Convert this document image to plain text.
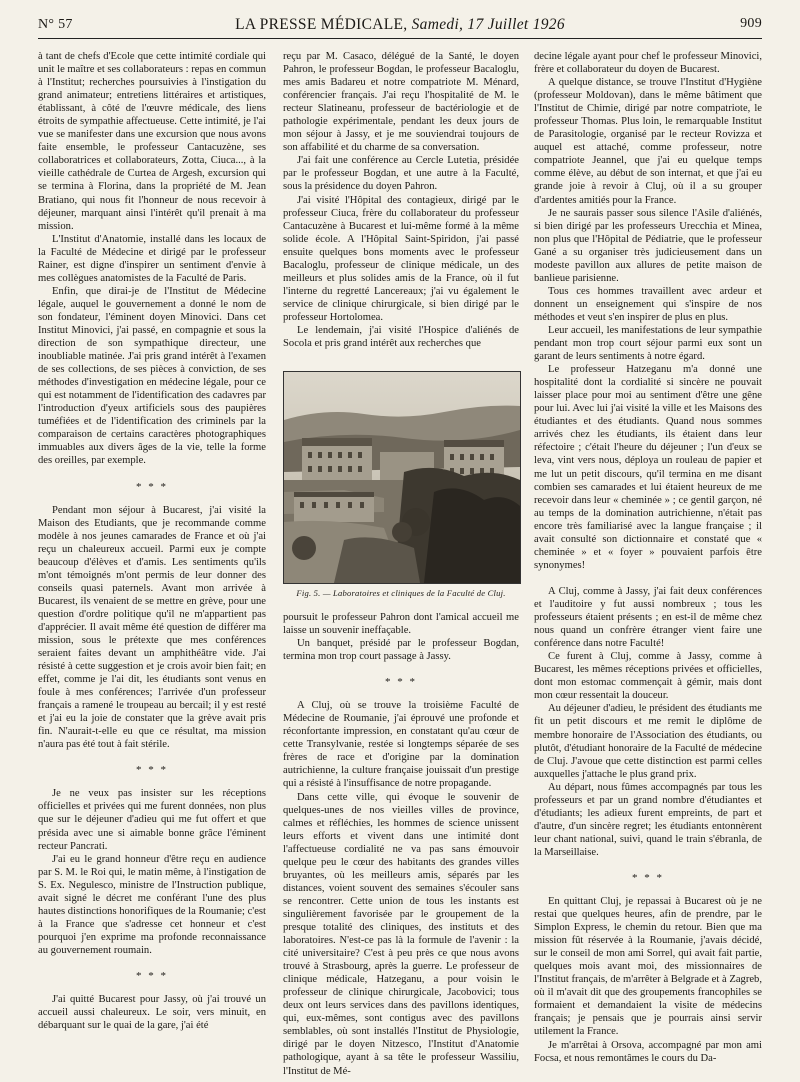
N° 57	LA PRESSE MÉDICALE, Samedi, 17 Juillet 1926	909

à tant de chefs d'Ecole que cette intimité cordiale qui unit le maître et ses collaborateurs : repas en commun à l'Institut; recherches poursuivies à l'instigation du grand animateur; entretiens littéraires et artistiques, établissant, à côté de l'œuvre médicale, des liens étroits de sympathie affectueuse. Cette intimité, je l'ai vue se manifester dans une excursion que nous avons faite ensemble, le professeur Cantacuzène, ses collaboratrices et collaborateurs, Zotta, Ciuca..., à la vieille cathédrale de Curtea de Argesh, excursion qui se termina à Florina, dans la propriété de M. Jean Bratiano, qui nous fit l'honneur de nous recevoir à déjeuner, marquant ainsi l'intérêt qu'il prenait à ma mission.

L'Institut d'Anatomie, installé dans les locaux de la Faculté de Médecine et dirigé par le professeur Rainer, est digne d'inspirer un sentiment d'envie à mes collègues anatomistes de la Faculté de Paris.

Enfin, que dirai-je de l'Institut de Médecine légale, auquel le gouvernement a donné le nom de son fondateur, l'éminent doyen Minovici. Dans cet Institut Minovici, j'ai passé, en compagnie et sous la direction de son sympathique directeur, une inoubliable matinée. J'ai pris grand intérêt à l'examen de ses collections, de ses pièces à conviction, de ses méthodes d'investigation en médecine légale, pour ce qui est notamment de l'identification des cadavres par l'introduction d'yeux artificiels sous des paupières tuméfiées et de l'identification des criminels par la comparaison de certains caractères photographiques immuables aux divers âges de la vie, telle la forme des oreilles, par exemple.

* * *

Pendant mon séjour à Bucarest, j'ai visité la Maison des Etudiants, que je recommande comme modèle à nos jeunes camarades de France et où j'ai reçu un chaleureux accueil. Parmi eux je compte beaucoup d'élèves et d'amis. Les sentiments qu'ils m'ont témoignés m'ont permis de leur donner des conseils quasi paternels. Avant mon arrivée à Bucarest, ils venaient de se mettre en grève, pour une question d'ordre politique qu'il ne m'appartient pas d'apprécier. Il avait même été question de différer ma mission, sous le prétexte que mes conférences seraient faites devant un amphithéâtre vide. J'ai résisté à cette suggestion et je crois avoir bien fait; en effet, comme je l'ai dit, les étudiants sont venus en foule à mes conférences; l'arrivée d'un professeur français a ramené le troupeau au bercail; il y est resté et j'ai eu la joie de constater que la grève avait pris fin. N'aurait-t-elle eu que ce résultat, ma mission n'aura pas été tout à fait stérile.

* * *

Je ne veux pas insister sur les réceptions officielles et privées qui me furent données, non plus que sur le déjeuner d'adieu qui me fut offert et que présida avec une si aimable bonne grâce l'éminent recteur Pancrati.

J'ai eu le grand honneur d'être reçu en audience par S. M. le Roi qui, le matin même, à l'instigation de S. Ex. Negulesco, ministre de l'Instruction publique, avait signé le décret me conférant l'une des plus hautes distinctions honorifiques de la Roumanie; c'est à la France que s'adresse cet honneur et c'est pourquoi j'en exprime ma profonde reconnaissance au gouvernement roumain.

* * *

J'ai quitté Bucarest pour Jassy, où j'ai trouvé un accueil aussi chaleureux. Le soir, vers minuit, en débarquant sur le quai de la gare, j'ai été

reçu par M. Casaco, délégué de la Santé, le doyen Pahron, le professeur Bogdan, le professeur Bacaloglu, mes amis Badareu et notre compatriote M. Ménard, conférencier français. J'ai reçu l'hospitalité de M. le recteur Slatineanu, professeur de bactériologie et de pathologie expérimentale, pendant les deux jours de mon séjour à Jassy, et je me souviendrai toujours de son affabilité et du charme de sa conversation.

J'ai fait une conférence au Cercle Lutetia, présidée par le professeur Bogdan, et une autre à la Faculté, sous la présidence du doyen Pahron.

J'ai visité l'Hôpital des contagieux, dirigé par le professeur Ciuca, frère du collaborateur du professeur Cantacuzène à Bucarest et lui-même formé à la même solide école. A l'Hôpital Saint-Spiridon, j'ai passé ensuite quelques bons moments avec le professeur Bacaloglu, professeur de clinique médicale, un des meilleurs et plus solides amis de la France, où il fut l'interne du regretté Lancereaux; j'ai vu également le service de clinique chirurgicale, si bien dirigé par le professeur Hortolomea.

Le lendemain, j'ai visité l'Hospice d'aliénés de Socola et pris grand intérêt aux recherches que

Fig. 5. — Laboratoires et cliniques de la Faculté de Cluj.

poursuit le professeur Pahron dont l'amical accueil me laisse un souvenir ineffaçable.

Un banquet, présidé par le professeur Bogdan, termina mon trop court passage à Jassy.

* * *

A Cluj, où se trouve la troisième Faculté de Médecine de Roumanie, j'ai éprouvé une profonde et réconfortante impression, en constatant qu'au cœur de cette Transylvanie, restée si longtemps séparée de ses frères de race et d'origine par la domination autrichienne, la culture française jouissait d'un prestige qui a résisté à l'insuffisance de notre propagande.

Dans cette ville, qui évoque le souvenir de quelques-unes de nos vieilles villes de province, calmes et réfléchies, les hommes de science unissent leurs efforts et vivent dans une intimité dont l'affectueuse cordialité ne va pas sans émouvoir quelque peu le cœur des habitants des grandes villes bruyantes, où les meilleurs amis, séparés par les distances, voient souvent des semaines s'écouler sans se rencontrer. Cette union de tous les instants est singulièrement favorisée par le groupement de la presque totalité des cliniques, des instituts et des laboratoires. N'est-ce pas là la formule de l'avenir : la cité universitaire? C'est à peu près ce que nous avons trouvé à Strasbourg, après la guerre. Le professeur de clinique médicale, Hatzeganu, a pour voisin le professeur de clinique chirurgicale, Jacobovici; tous deux ont leurs services dans des pavillons identiques, qui, eux-mêmes, sont contigus avec des pavillons semblables, où sont installés l'Institut de Physiologie, dirigé par le doyen Nitzesco, l'Institut d'Anatomie pathologique, ayant à sa tête le professeur Wassiliu, l'Institut de Mé-

decine légale ayant pour chef le professeur Minovici, frère et collaborateur du doyen de Bucarest.

A quelque distance, se trouve l'Institut d'Hygiène (professeur Moldovan), dans le même bâtiment que l'Institut de Chimie, dirigé par notre compatriote, le professeur Thomas. Plus loin, le remarquable Institut de Parasitologie, organisé par le recteur Rovizza et auquel est attaché, comme professeur, notre compatriote Jeannel, que j'ai eu quelque temps comme élève, au début de son internat, et que j'ai eu grande joie à revoir à Cluj, où il a su grouper d'ardentes amitiés pour la France.

Je ne saurais passer sous silence l'Asile d'aliénés, si bien dirigé par les professeurs Urecchia et Minea, non plus que l'Hôpital de Pédiatrie, que le professeur Gané a su organiser très judicieusement dans un modeste pavillon aux allures de petite maison de banlieue parisienne.

Tous ces hommes travaillent avec ardeur et donnent un enseignement qui s'inspire de nos méthodes et veut s'en inspirer de plus en plus.

Leur accueil, les manifestations de leur sympathie pendant mon trop court séjour parmi eux sont un garant de leurs sentiments à notre égard.

Le professeur Hatzeganu m'a donné une hospitalité dont la cordialité si sincère ne pouvait laisser place pour moi au sentiment d'être une gêne pour lui. Avec lui j'ai visité la ville et les Maisons des étudiantes et des étudiants. Quand nous sommes arrivés chez les étudiants, ils étaient dans leur réfectoire ; c'était l'heure du déjeuner ; l'un d'eux se leva, vint vers nous, déploya un rouleau de papier et me lut un petit discours, qu'il termina en me disant combien ses camarades et lui étaient heureux de me recevoir dans leur « cheminée » ; ce gentil garçon, né au temps de la domination autrichienne, n'était pas encore très familiarisé avec la langue française ; il avait consulté son dictionnaire et constaté que « cheminée » et « foyer » pouvaient parfois être synonymes!

A Cluj, comme à Jassy, j'ai fait deux conférences et l'auditoire y fut aussi nombreux ; tous les professeurs étaient présents ; en est-il de même chez nous quand un confrère étranger vient faire une conférence dans notre Faculté!

Ce furent à Cluj, comme à Jassy, comme à Bucarest, les mêmes réceptions privées et officielles, dont mon estomac commençait à gémir, mais dont mon cœur ressentait la douceur.

Au déjeuner d'adieu, le président des étudiants me fit un petit discours et me remit le diplôme de membre honoraire de l'Association des étudiants, ou plutôt, d'étudiant honoraire de la Faculté de médecine de Cluj. J'avoue que cette distinction est parmi celles auxquelles j'attache le plus grand prix.

Au départ, nous fûmes accompagnés par tous les professeurs et par un grand nombre d'étudiantes et d'étudiants; les adieux furent empreints, de part et d'autre, d'un sincère regret; les étudiants entonnèrent leur chant national, suivi, quand le train s'ébranla, de la Marseillaise.

* * *

En quittant Cluj, je repassai à Bucarest où je ne restai que quelques heures, afin de prendre, par le Simplon Express, le chemin du retour. Bien que ma mission fût réservée à la Roumanie, j'avais décidé, sur le conseil de mon ami Sorrel, qui avait fait partie, quelques mois avant moi, des missionnaires de l'Institut français, de m'arrêter à Belgrade et à Zagreb, où il m'avait dit que des groupements francophiles se formaient et demandaient la visite de médecins français; je pensais que je pourrais ainsi servir utilement la France.

Je m'arrêtai à Orsova, accompagné par mon ami Focsa, et nous remontâmes le cours du Da-
